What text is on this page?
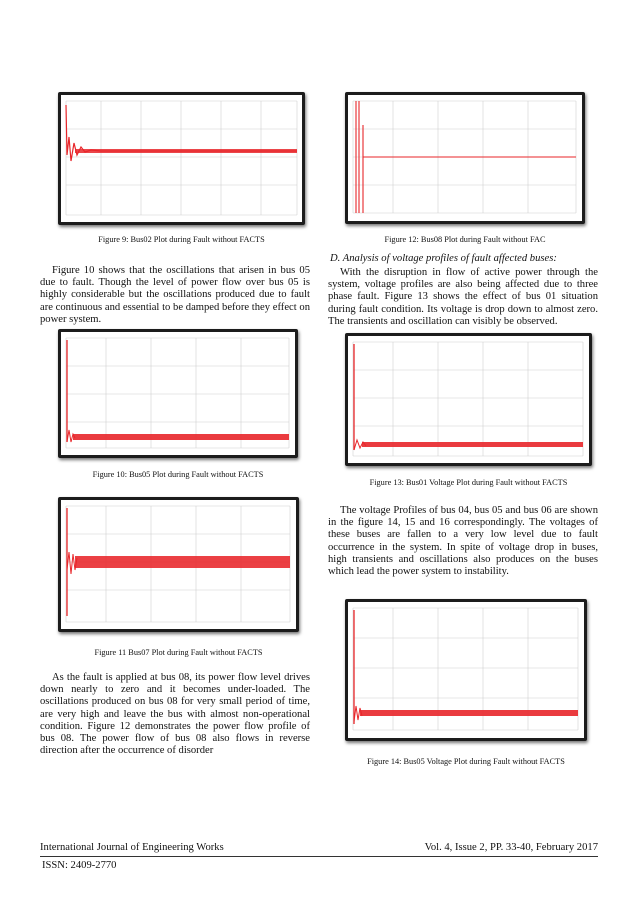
Figure 9: Bus02 Plot during Fault without FACTS	Figure 12: Bus08 Plot during Fault without FAC
D. Analysis of voltage profiles of fault affected buses:

Figure 10 shows that the oscillations that arisen in bus 05 due to fault. Though the level of power flow over bus 05 is highly considerable but the oscillations produced due to fault are continuous and essential to be damped before they effect on power system.

With the disruption in flow of active power through the system, voltage profiles are also being affected due to three phase fault. Figure 13 shows the effect of bus 01 situation during fault condition. Its voltage is drop down to almost zero. The transients and oscillation can visibly be observed.

Figure 10: Bus05 Plot during Fault without FACTS
Figure 13: Bus01 Voltage Plot during Fault without FACTS
Figure 11 Bus07 Plot during Fault without FACTS

The voltage Profiles of bus 04, bus 05 and bus 06 are shown in the figure 14, 15 and 16 correspondingly. The voltages of these buses are fallen to a very low level due to fault occurrence in the system. In spite of voltage drop in buses, high transients and oscillations also produces on the buses which lead the power system to instability.

Figure 14: Bus05 Voltage Plot during Fault without FACTS

As the fault is applied at bus 08, its power flow level drives down nearly to zero and it becomes under-loaded. The oscillations produced on bus 08 for very small period of time, are very high and leave the bus with almost non-operational condition. Figure 12 demonstrates the power flow profile of bus 08. The power flow of bus 08 also flows in reverse direction after the occurrence of disorder

International Journal of Engineering Works	Vol. 4, Issue 2, PP. 33-40, February 2017
ISSN: 2409-2770
